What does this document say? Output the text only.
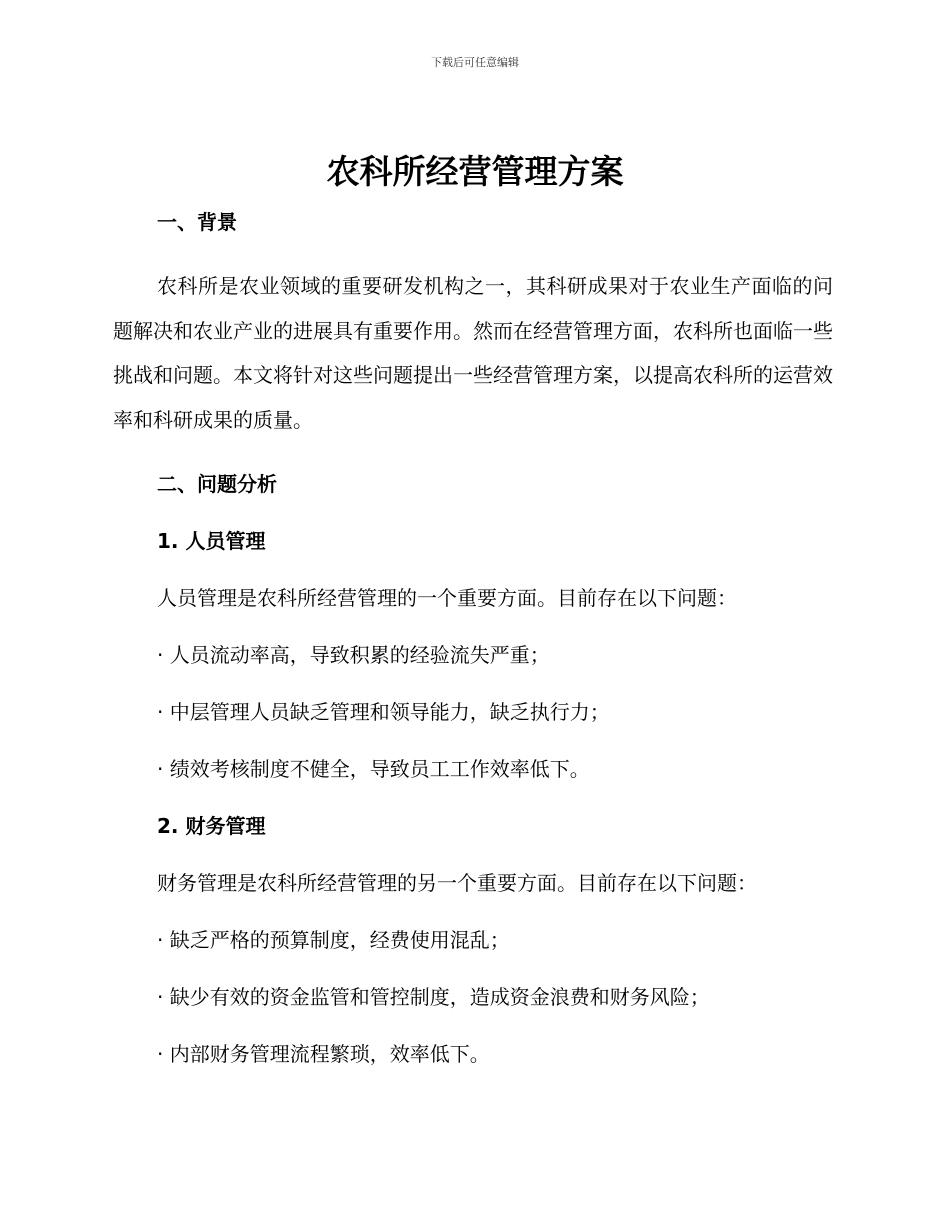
下载后可任意编辑
农科所经营管理方案

一、背景

农科所是农业领域的重要研发机构之一，其科研成果对于农业生产面临的问题解决和农业产业的进展具有重要作用。然而在经营管理方面，农科所也面临一些挑战和问题。本文将针对这些问题提出一些经营管理方案，以提高农科所的运营效率和科研成果的质量。

二、问题分析

1. 人员管理

人员管理是农科所经营管理的一个重要方面。目前存在以下问题：

· 人员流动率高，导致积累的经验流失严重；

· 中层管理人员缺乏管理和领导能力，缺乏执行力；

· 绩效考核制度不健全，导致员工工作效率低下。

2. 财务管理

财务管理是农科所经营管理的另一个重要方面。目前存在以下问题：

· 缺乏严格的预算制度，经费使用混乱；

· 缺少有效的资金监管和管控制度，造成资金浪费和财务风险；

· 内部财务管理流程繁琐，效率低下。
